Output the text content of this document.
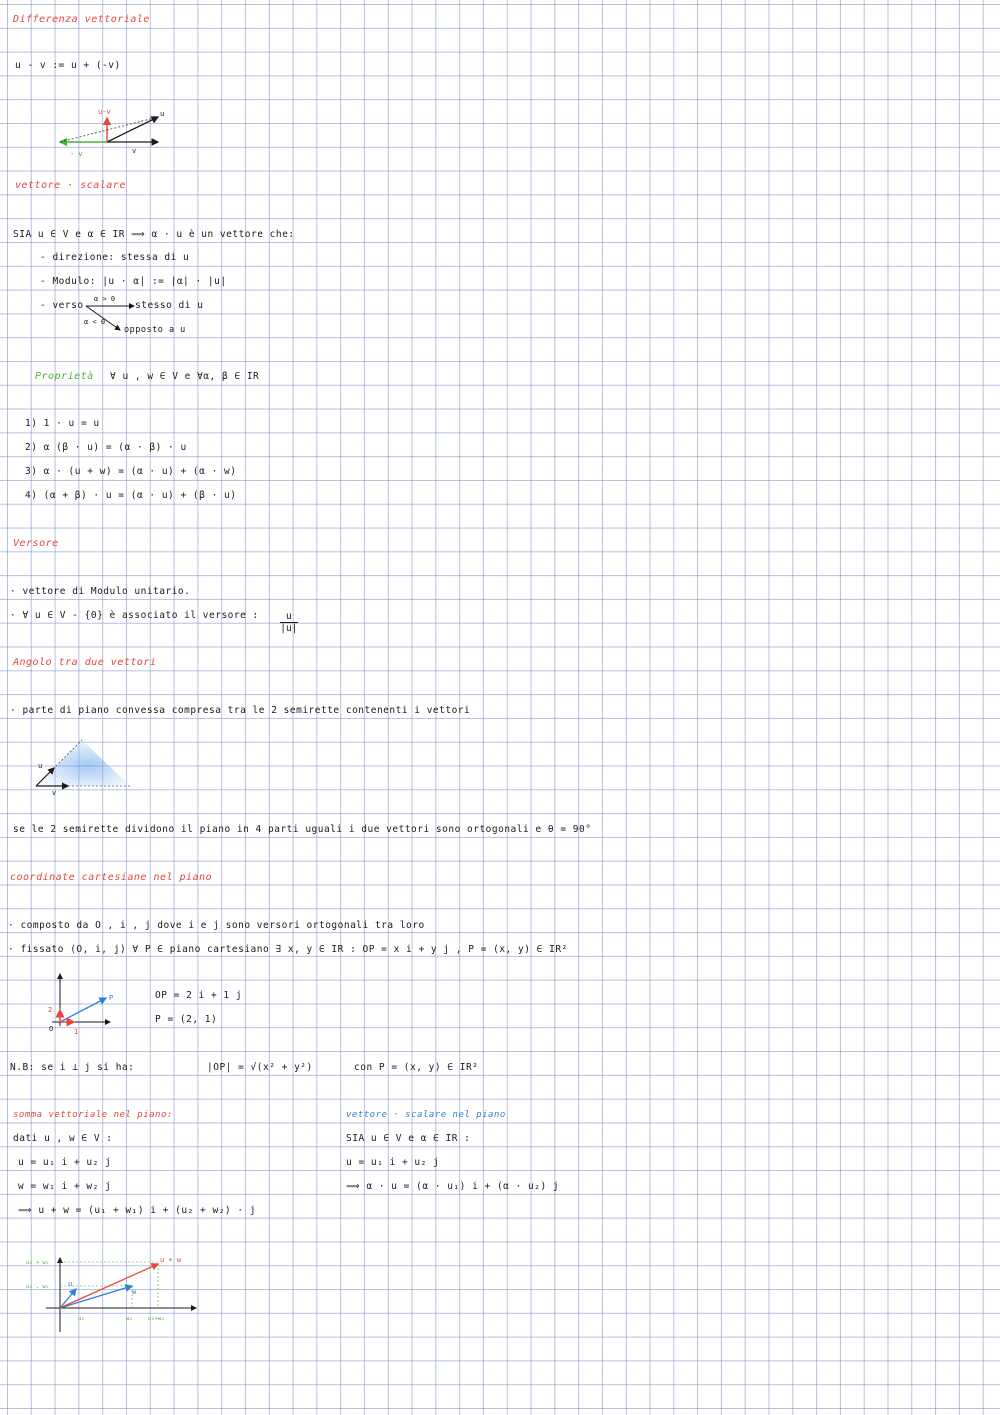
Differenza vettoriale
u - v := u + (-v)
u-v	u
v
- v
vettore · scalare
SIA u ∈ V e α ∈ IR ⟹ α · u è un vettore che:
- direzione: stessa di u
- Modulo: |u · α| := |α| · |u|
- verso
α > 0
α < 0
stesso di u
opposto a u
Proprietà ∀ u , w ∈ V e ∀α, β ∈ IR
1) 1 · u = u
2) α (β · u) = (α · β) · u
3) α · (u + w) = (α · u) + (α · w)
4) (α + β) · u = (α · u) + (β · u)
Versore
· vettore di Modulo unitario.
· ∀ u ∈ V - {0} è associato il versore : $\frac{u}{|u|}$
Angolo tra due vettori
· parte di piano convessa compresa tra le 2 semirette contenenti i vettori
u
v
se le 2 semirette dividono il piano in 4 parti uguali i due vettori sono ortogonali e θ = 90°
coordinate cartesiane nel piano
· composto da O , i , j dove i e j sono versori ortogonali tra loro
· fissato (O, i, j) ∀ P ∈ piano cartesiano ∃ x, y ∈ IR : OP = x i + y j , P = (x, y) ∈ IR²
P
O
2
1
OP = 2 i + 1 j
P = (2, 1)
N.B: se i ⊥ j si ha:	|OP| = √(x² + y²)	con P = (x, y) ∈ IR²
somma vettoriale nel piano:
dati u , w ∈ V :
u = u₁ i + u₂ j
w = w₁ i + w₂ j
⟹ u + w = (u₁ + w₁) i + (u₂ + w₂) · j
u + w
u
w
u₂ + w₂
u₂ , w₂
u₁	w₁	u₁+w₁
vettore · scalare nel piano
SIA u ∈ V e α ∈ IR :
u = u₁ i + u₂ j
⟹ α · u = (α · u₁) i + (α · u₂) j
